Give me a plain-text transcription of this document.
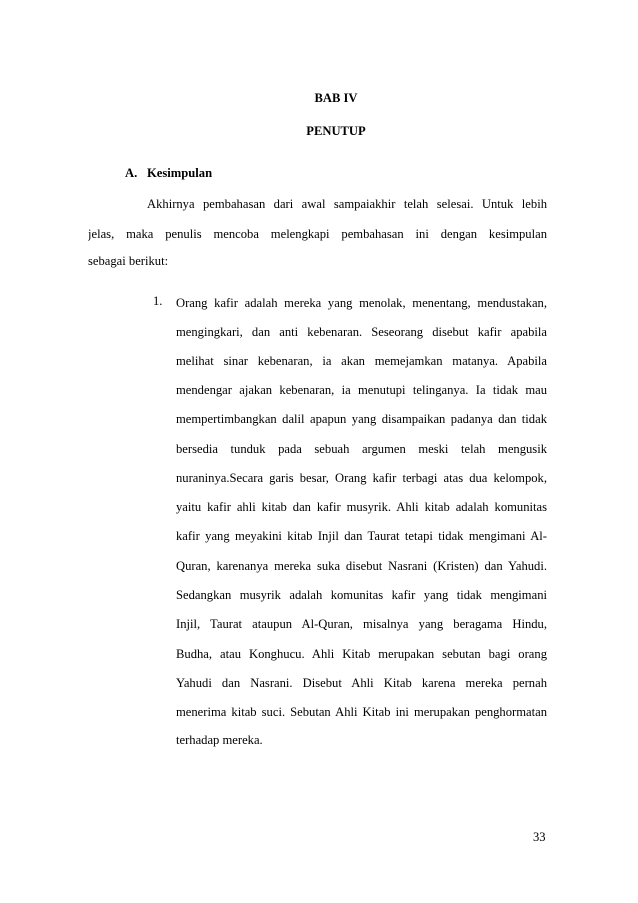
BAB IV
PENUTUP
A. Kesimpulan
Akhirnya pembahasan dari awal sampaiakhir telah selesai. Untuk lebih
jelas, maka penulis mencoba melengkapi pembahasan ini dengan kesimpulan
sebagai berikut:
1. Orang kafir adalah mereka yang menolak, menentang, mendustakan,
mengingkari, dan anti kebenaran. Seseorang disebut kafir apabila
melihat sinar kebenaran, ia akan memejamkan matanya. Apabila
mendengar ajakan kebenaran, ia menutupi telinganya. Ia tidak mau
mempertimbangkan dalil apapun yang disampaikan padanya dan tidak
bersedia tunduk pada sebuah argumen meski telah mengusik
nuraninya.Secara garis besar, Orang kafir terbagi atas dua kelompok,
yaitu kafir ahli kitab dan kafir musyrik. Ahli kitab adalah komunitas
kafir yang meyakini kitab Injil dan Taurat tetapi tidak mengimani Al-
Quran, karenanya mereka suka disebut Nasrani (Kristen) dan Yahudi.
Sedangkan musyrik adalah komunitas kafir yang tidak mengimani
Injil, Taurat ataupun Al-Quran, misalnya yang beragama Hindu,
Budha, atau Konghucu. Ahli Kitab merupakan sebutan bagi orang
Yahudi dan Nasrani. Disebut Ahli Kitab karena mereka pernah
menerima kitab suci. Sebutan Ahli Kitab ini merupakan penghormatan
terhadap mereka.
33
